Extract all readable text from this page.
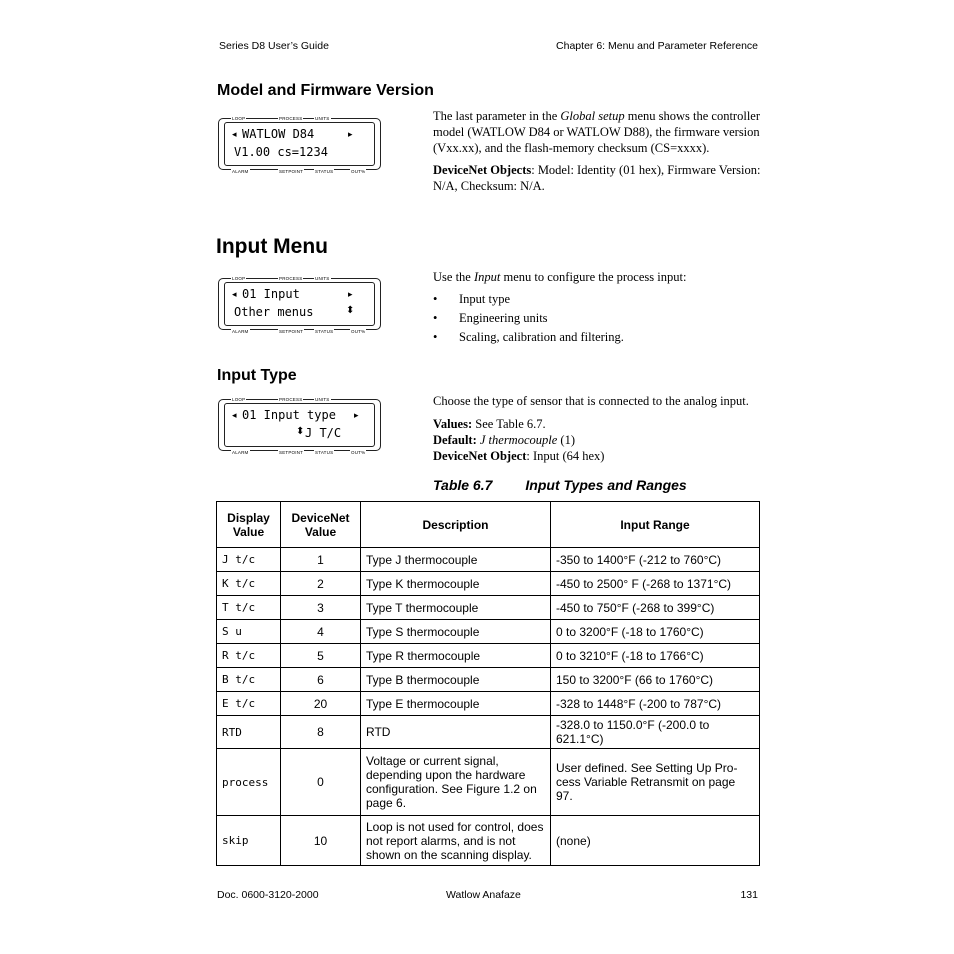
Series D8 User’s Guide	Chapter 6: Menu and Parameter Reference
Model and Firmware Version
LOOP	PROCESS	UNITS
◂ WATLOW D84	▸
V1.00 cs=1234
ALARM	SETPOINT	STATUS	OUT%

The last parameter in the Global setup menu shows the controller model (WATLOW D84 or WATLOW D88), the firmware version (Vxx.xx), and the flash-memory checksum (CS=xxxx).

DeviceNet Objects: Model: Identity (01 hex), Firmware Version: N/A, Checksum: N/A.

Input Menu
LOOP	PROCESS	UNITS
◂ 01 Input	▸
Other menus	⬍
ALARM	SETPOINT	STATUS	OUT%

Use the Input menu to configure the process input:

• Input type
• Engineering units
• Scaling, calibration and filtering.
Input Type
LOOP	PROCESS	UNITS
◂ 01 Input type ▸
⬍ J T/C
ALARM	SETPOINT	STATUS	OUT%

Choose the type of sensor that is connected to the analog input.

Values: See Table 6.7.
Default: J thermocouple (1)
DeviceNet Object: Input (64 hex)
Table 6.7 Input Types and Ranges
Display Value	DeviceNet Value	Description	Input Range
J t/c	1	Type J thermocouple	-350 to 1400°F (-212 to 760°C)
K t/c	2	Type K thermocouple	-450 to 2500° F (-268 to 1371°C)
T t/c	3	Type T thermocouple	-450 to 750°F (-268 to 399°C)
S u	4	Type S thermocouple	0 to 3200°F (-18 to 1760°C)
R t/c	5	Type R thermocouple	0 to 3210°F (-18 to 1766°C)
B t/c	6	Type B thermocouple	150 to 3200°F (66 to 1760°C)
E t/c	20	Type E thermocouple	-328 to 1448°F (-200 to 787°C)
RTD	8	RTD	-328.0 to 1150.0°F (-200.0 to 621.1°C)
process	0	Voltage or current signal, depending upon the hardware configuration. See Figure 1.2 on page 6.	User defined. See Setting Up Process Variable Retransmit on page 97.
skip	10	Loop is not used for control, does not report alarms, and is not shown on the scanning display.	(none)
Doc. 0600-3120-2000	Watlow Anafaze	131
